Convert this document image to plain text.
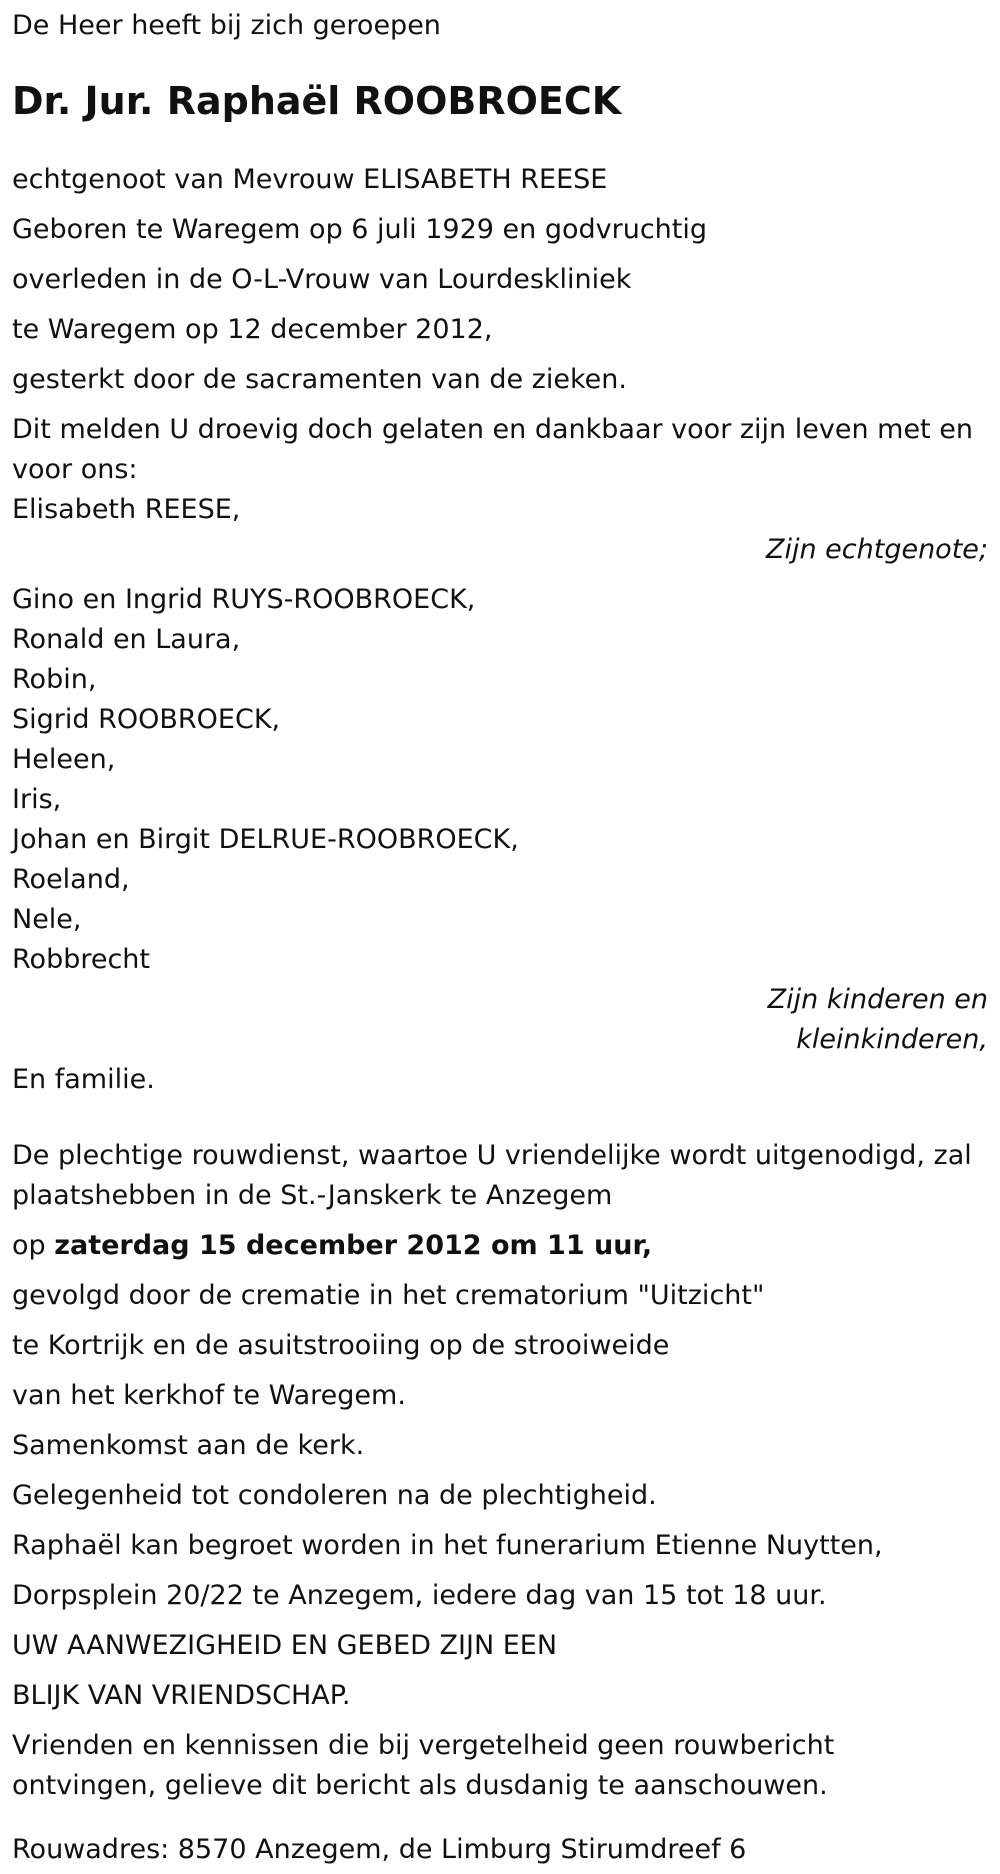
De Heer heeft bij zich geroepen
Dr. Jur. Raphaël ROOBROECK
echtgenoot van Mevrouw ELISABETH REESE
Geboren te Waregem op 6 juli 1929 en godvruchtig
overleden in de O-L-Vrouw van Lourdeskliniek
te Waregem op 12 december 2012,
gesterkt door de sacramenten van de zieken.
Dit melden U droevig doch gelaten en dankbaar voor zijn leven met en voor ons:
Elisabeth REESE,
Zijn echtgenote;
Gino en Ingrid RUYS-ROOBROECK,
Ronald en Laura,
Robin,
Sigrid ROOBROECK,
Heleen,
Iris,
Johan en Birgit DELRUE-ROOBROECK,
Roeland,
Nele,
Robbrecht
Zijn kinderen en
kleinkinderen,
En familie.
De plechtige rouwdienst, waartoe U vriendelijke wordt uitgenodigd, zal plaatshebben in de St.-Janskerk te Anzegem
op zaterdag 15 december 2012 om 11 uur,
gevolgd door de crematie in het crematorium "Uitzicht"
te Kortrijk en de asuitstrooiing op de strooiweide
van het kerkhof te Waregem.
Samenkomst aan de kerk.
Gelegenheid tot condoleren na de plechtigheid.
Raphaël kan begroet worden in het funerarium Etienne Nuytten,
Dorpsplein 20/22 te Anzegem, iedere dag van 15 tot 18 uur.
UW AANWEZIGHEID EN GEBED ZIJN EEN
BLIJK VAN VRIENDSCHAP.
Vrienden en kennissen die bij vergetelheid geen rouwbericht ontvingen, gelieve dit bericht als dusdanig te aanschouwen.
Rouwadres: 8570 Anzegem, de Limburg Stirumdreef 6
